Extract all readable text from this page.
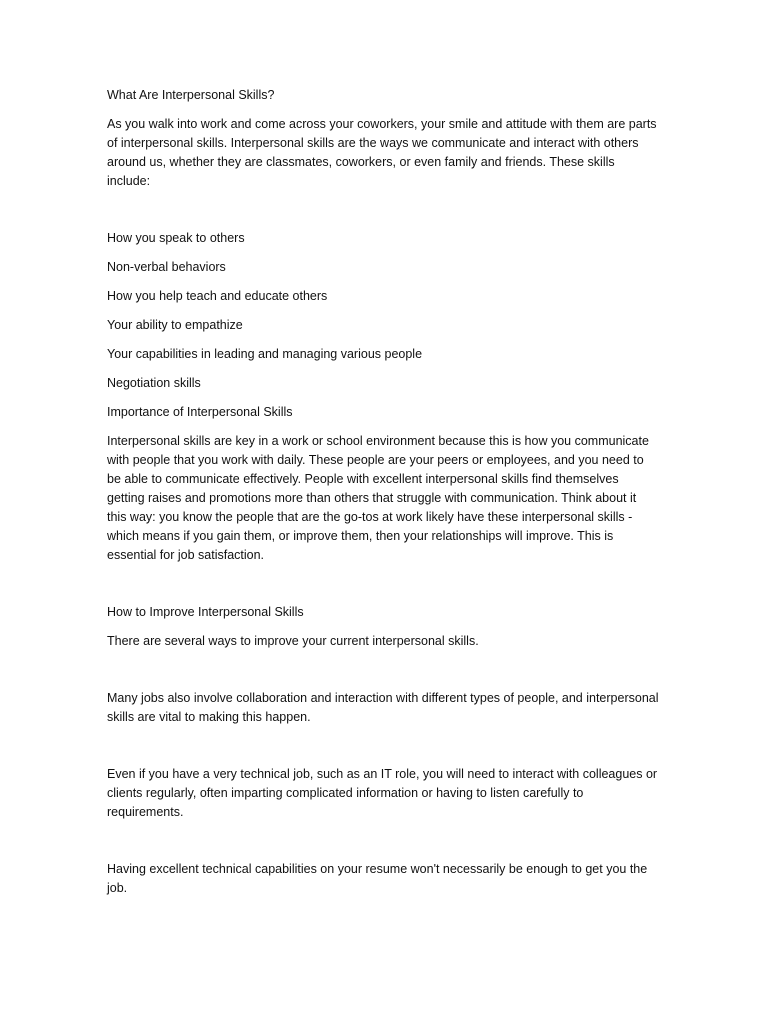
What Are Interpersonal Skills?

As you walk into work and come across your coworkers, your smile and attitude with them are parts of interpersonal skills. Interpersonal skills are the ways we communicate and interact with others around us, whether they are classmates, coworkers, or even family and friends. These skills include:

How you speak to others

Non-verbal behaviors

How you help teach and educate others

Your ability to empathize

Your capabilities in leading and managing various people

Negotiation skills

Importance of Interpersonal Skills

Interpersonal skills are key in a work or school environment because this is how you communicate with people that you work with daily. These people are your peers or employees, and you need to be able to communicate effectively. People with excellent interpersonal skills find themselves getting raises and promotions more than others that struggle with communication. Think about it this way: you know the people that are the go-tos at work likely have these interpersonal skills - which means if you gain them, or improve them, then your relationships will improve. This is essential for job satisfaction.

How to Improve Interpersonal Skills

There are several ways to improve your current interpersonal skills.

Many jobs also involve collaboration and interaction with different types of people, and interpersonal skills are vital to making this happen.

Even if you have a very technical job, such as an IT role, you will need to interact with colleagues or clients regularly, often imparting complicated information or having to listen carefully to requirements.

Having excellent technical capabilities on your resume won't necessarily be enough to get you the job.
